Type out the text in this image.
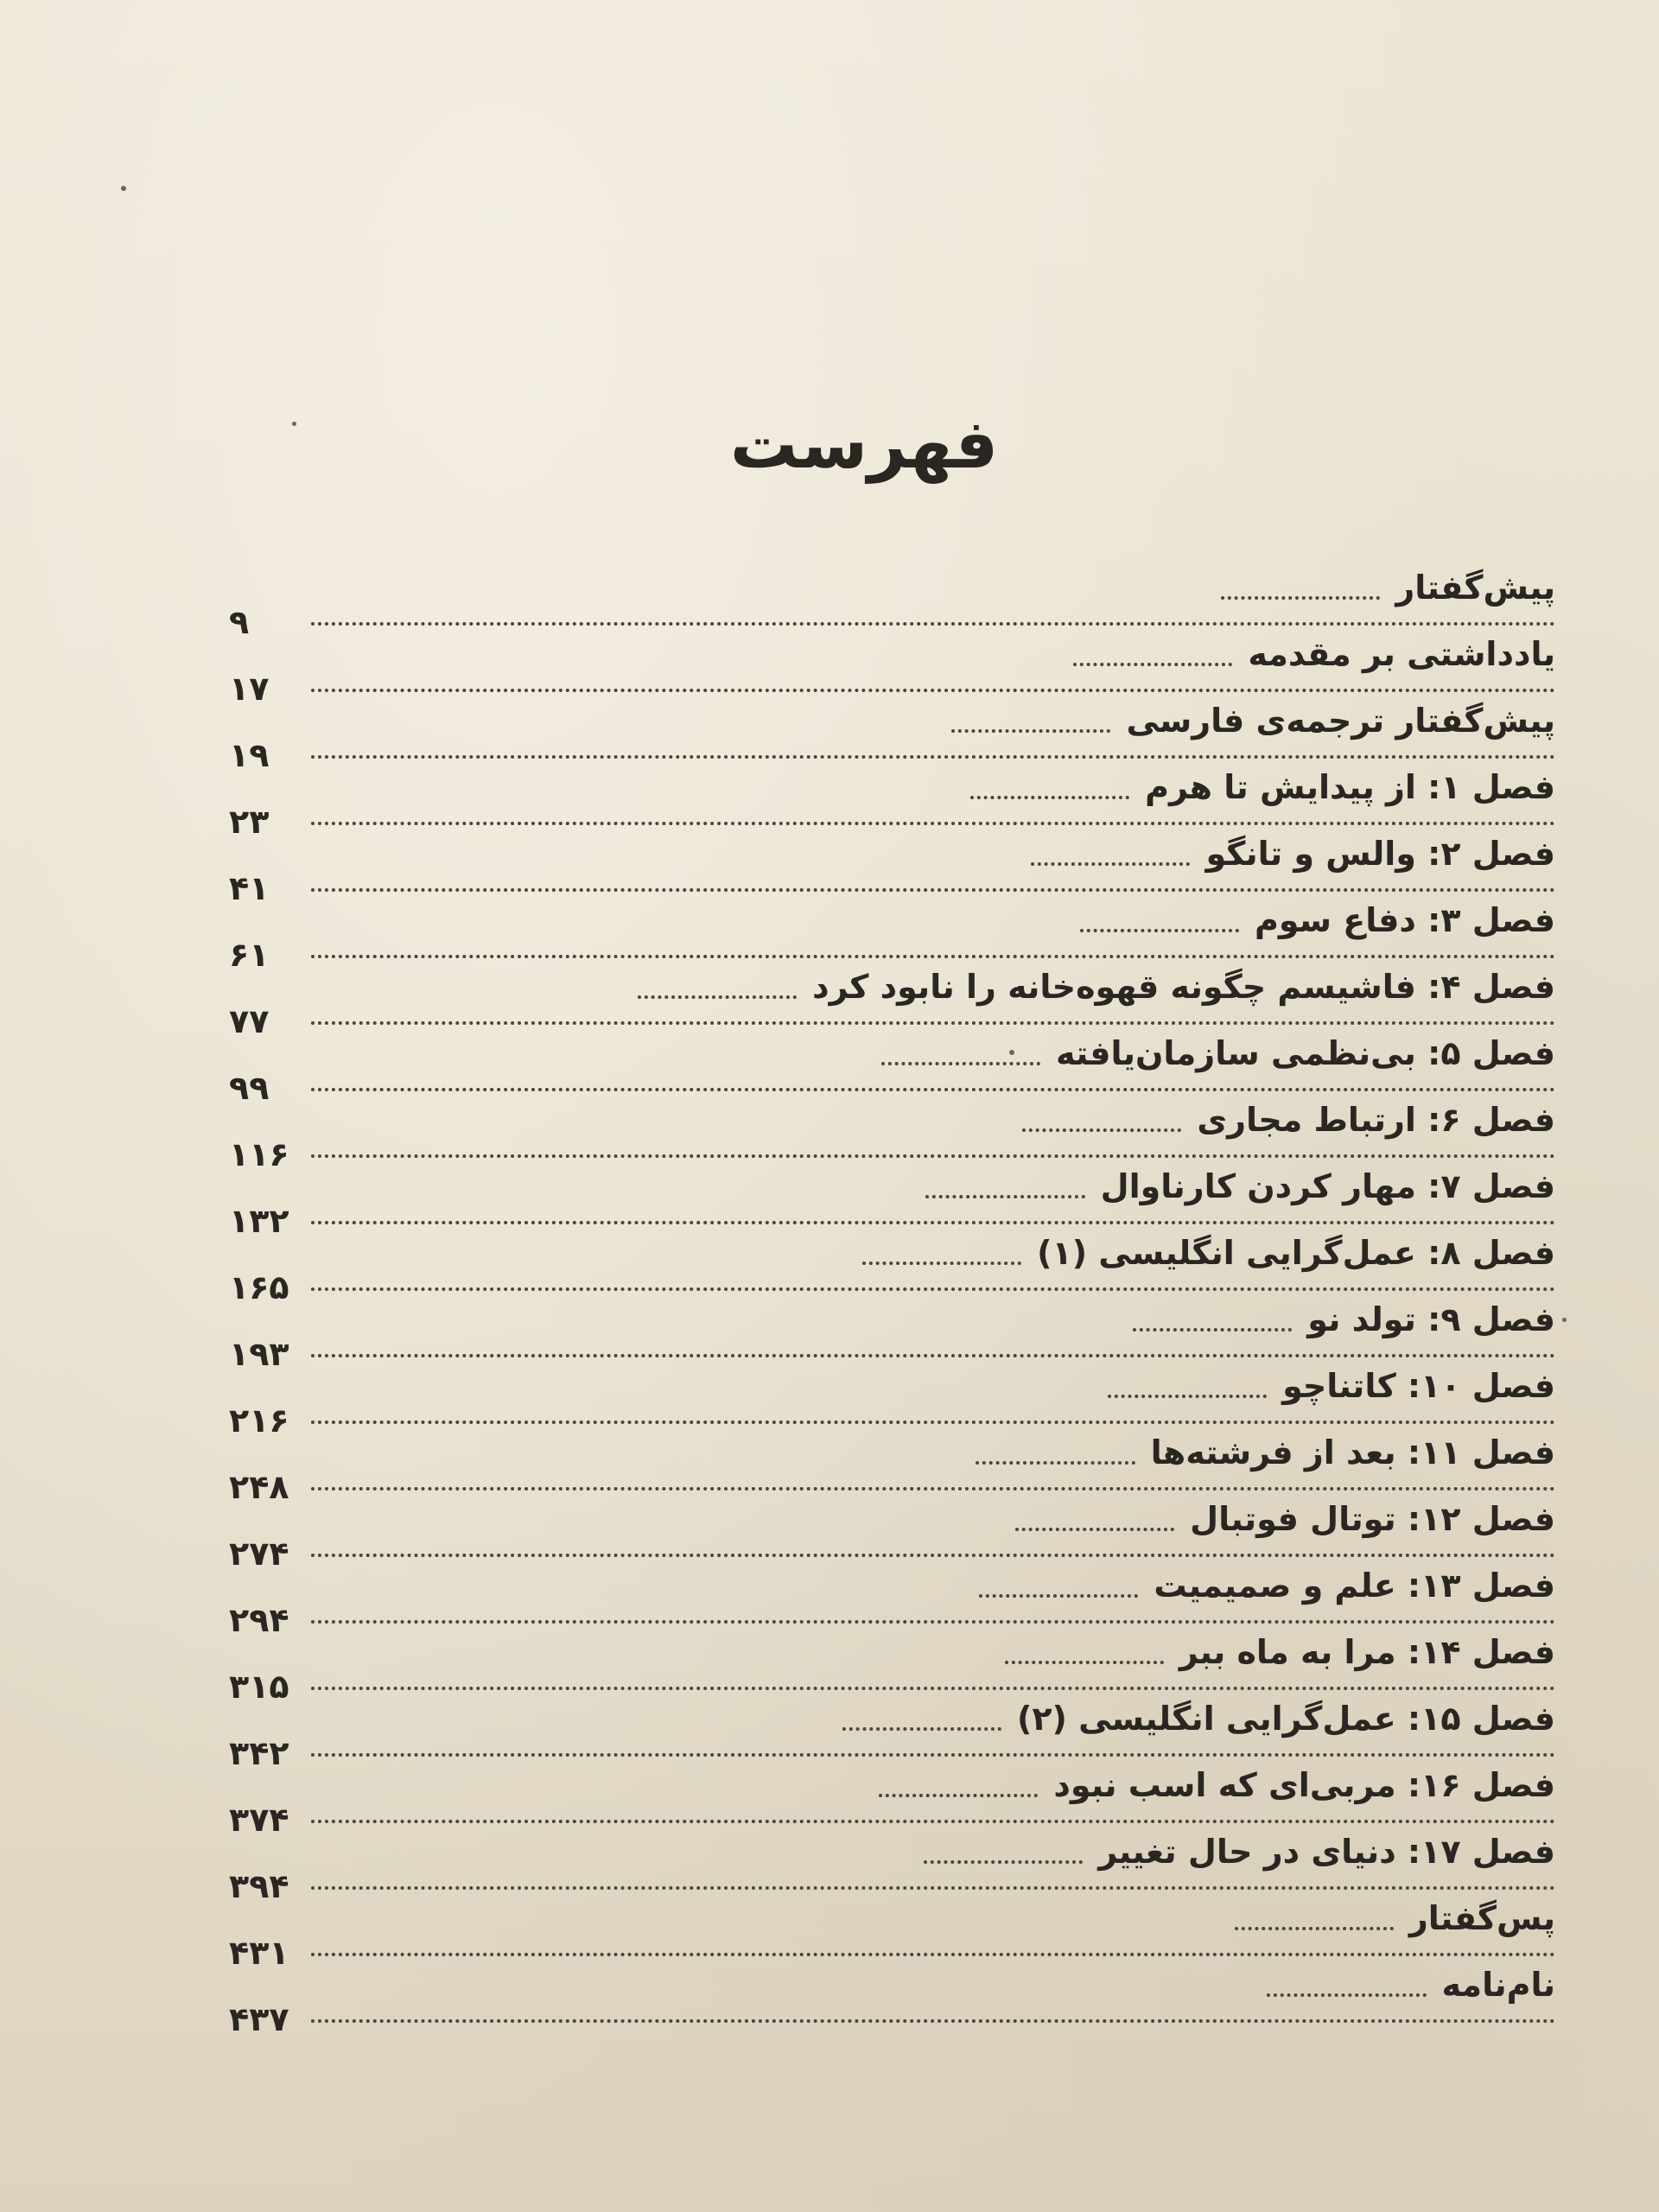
فهرست
پیش‌گفتار
۹
یادداشتی بر مقدمه
۱۷
پیش‌گفتار ترجمه‌ی فارسی
۱۹
فصل ۱: از پیدایش تا هرم
۲۳
فصل ۲: والس و تانگو
۴۱
فصل ۳: دفاع سوم
۶۱
فصل ۴: فاشیسم چگونه قهوه‌خانه را نابود کرد
۷۷
فصل ۵: بی‌نظمی سازمان‌یافته
۹۹
فصل ۶: ارتباط مجاری
۱۱۶
فصل ۷: مهار کردن کارناوال
۱۳۲
فصل ۸: عمل‌گرایی انگلیسی (۱)
۱۶۵
فصل ۹: تولد نو
۱۹۳
فصل ۱۰: کاتناچو
۲۱۶
فصل ۱۱: بعد از فرشته‌ها
۲۴۸
فصل ۱۲: توتال فوتبال
۲۷۴
فصل ۱۳: علم و صمیمیت
۲۹۴
فصل ۱۴: مرا به ماه ببر
۳۱۵
فصل ۱۵: عمل‌گرایی انگلیسی (۲)
۳۴۲
فصل ۱۶: مربی‌ای که اسب نبود
۳۷۴
فصل ۱۷: دنیای در حال تغییر
۳۹۴
پس‌گفتار
۴۳۱
نام‌نامه
۴۳۷
